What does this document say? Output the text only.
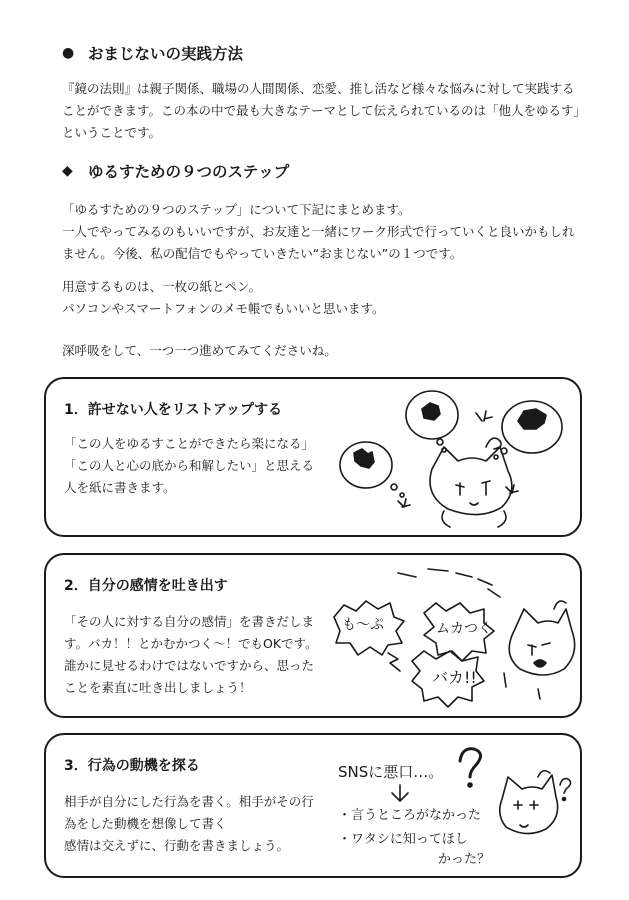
● おまじないの実践方法
『鏡の法則』は親子関係、職場の人間関係、恋愛、推し活など様々な悩みに対して実践する
ことができます。この本の中で最も大きなテーマとして伝えられているのは「他人をゆるす」
ということです。
◆ ゆるすための９つのステップ
「ゆるすための９つのステップ」について下記にまとめます。
一人でやってみるのもいいですが、お友達と一緒にワーク形式で行っていくと良いかもしれ
ません。今後、私の配信でもやっていきたい“おまじない”の１つです。
用意するものは、一枚の紙とペン。
パソコンやスマートフォンのメモ帳でもいいと思います。
深呼吸をして、一つ一つ進めてみてくださいね。
1．許せない人をリストアップする
「この人をゆるすことができたら楽になる」
「この人と心の底から和解したい」と思える
人を紙に書きます。
2．自分の感情を吐き出す
「その人に対する自分の感情」を書きだしま
す。バカ！！とかむかつく～！でもOKです。
誰かに見せるわけではないですから、思った
ことを素直に吐き出しましょう！
も～ぷ	ムカつく
バカ!!
3．行為の動機を探る
相手が自分にした行為を書く。相手がその行
為をした動機を想像して書く
感情は交えずに、行動を書きましょう。
SNSに悪口…。
・言うところがなかった
・ワタシに知ってほし
かった？
